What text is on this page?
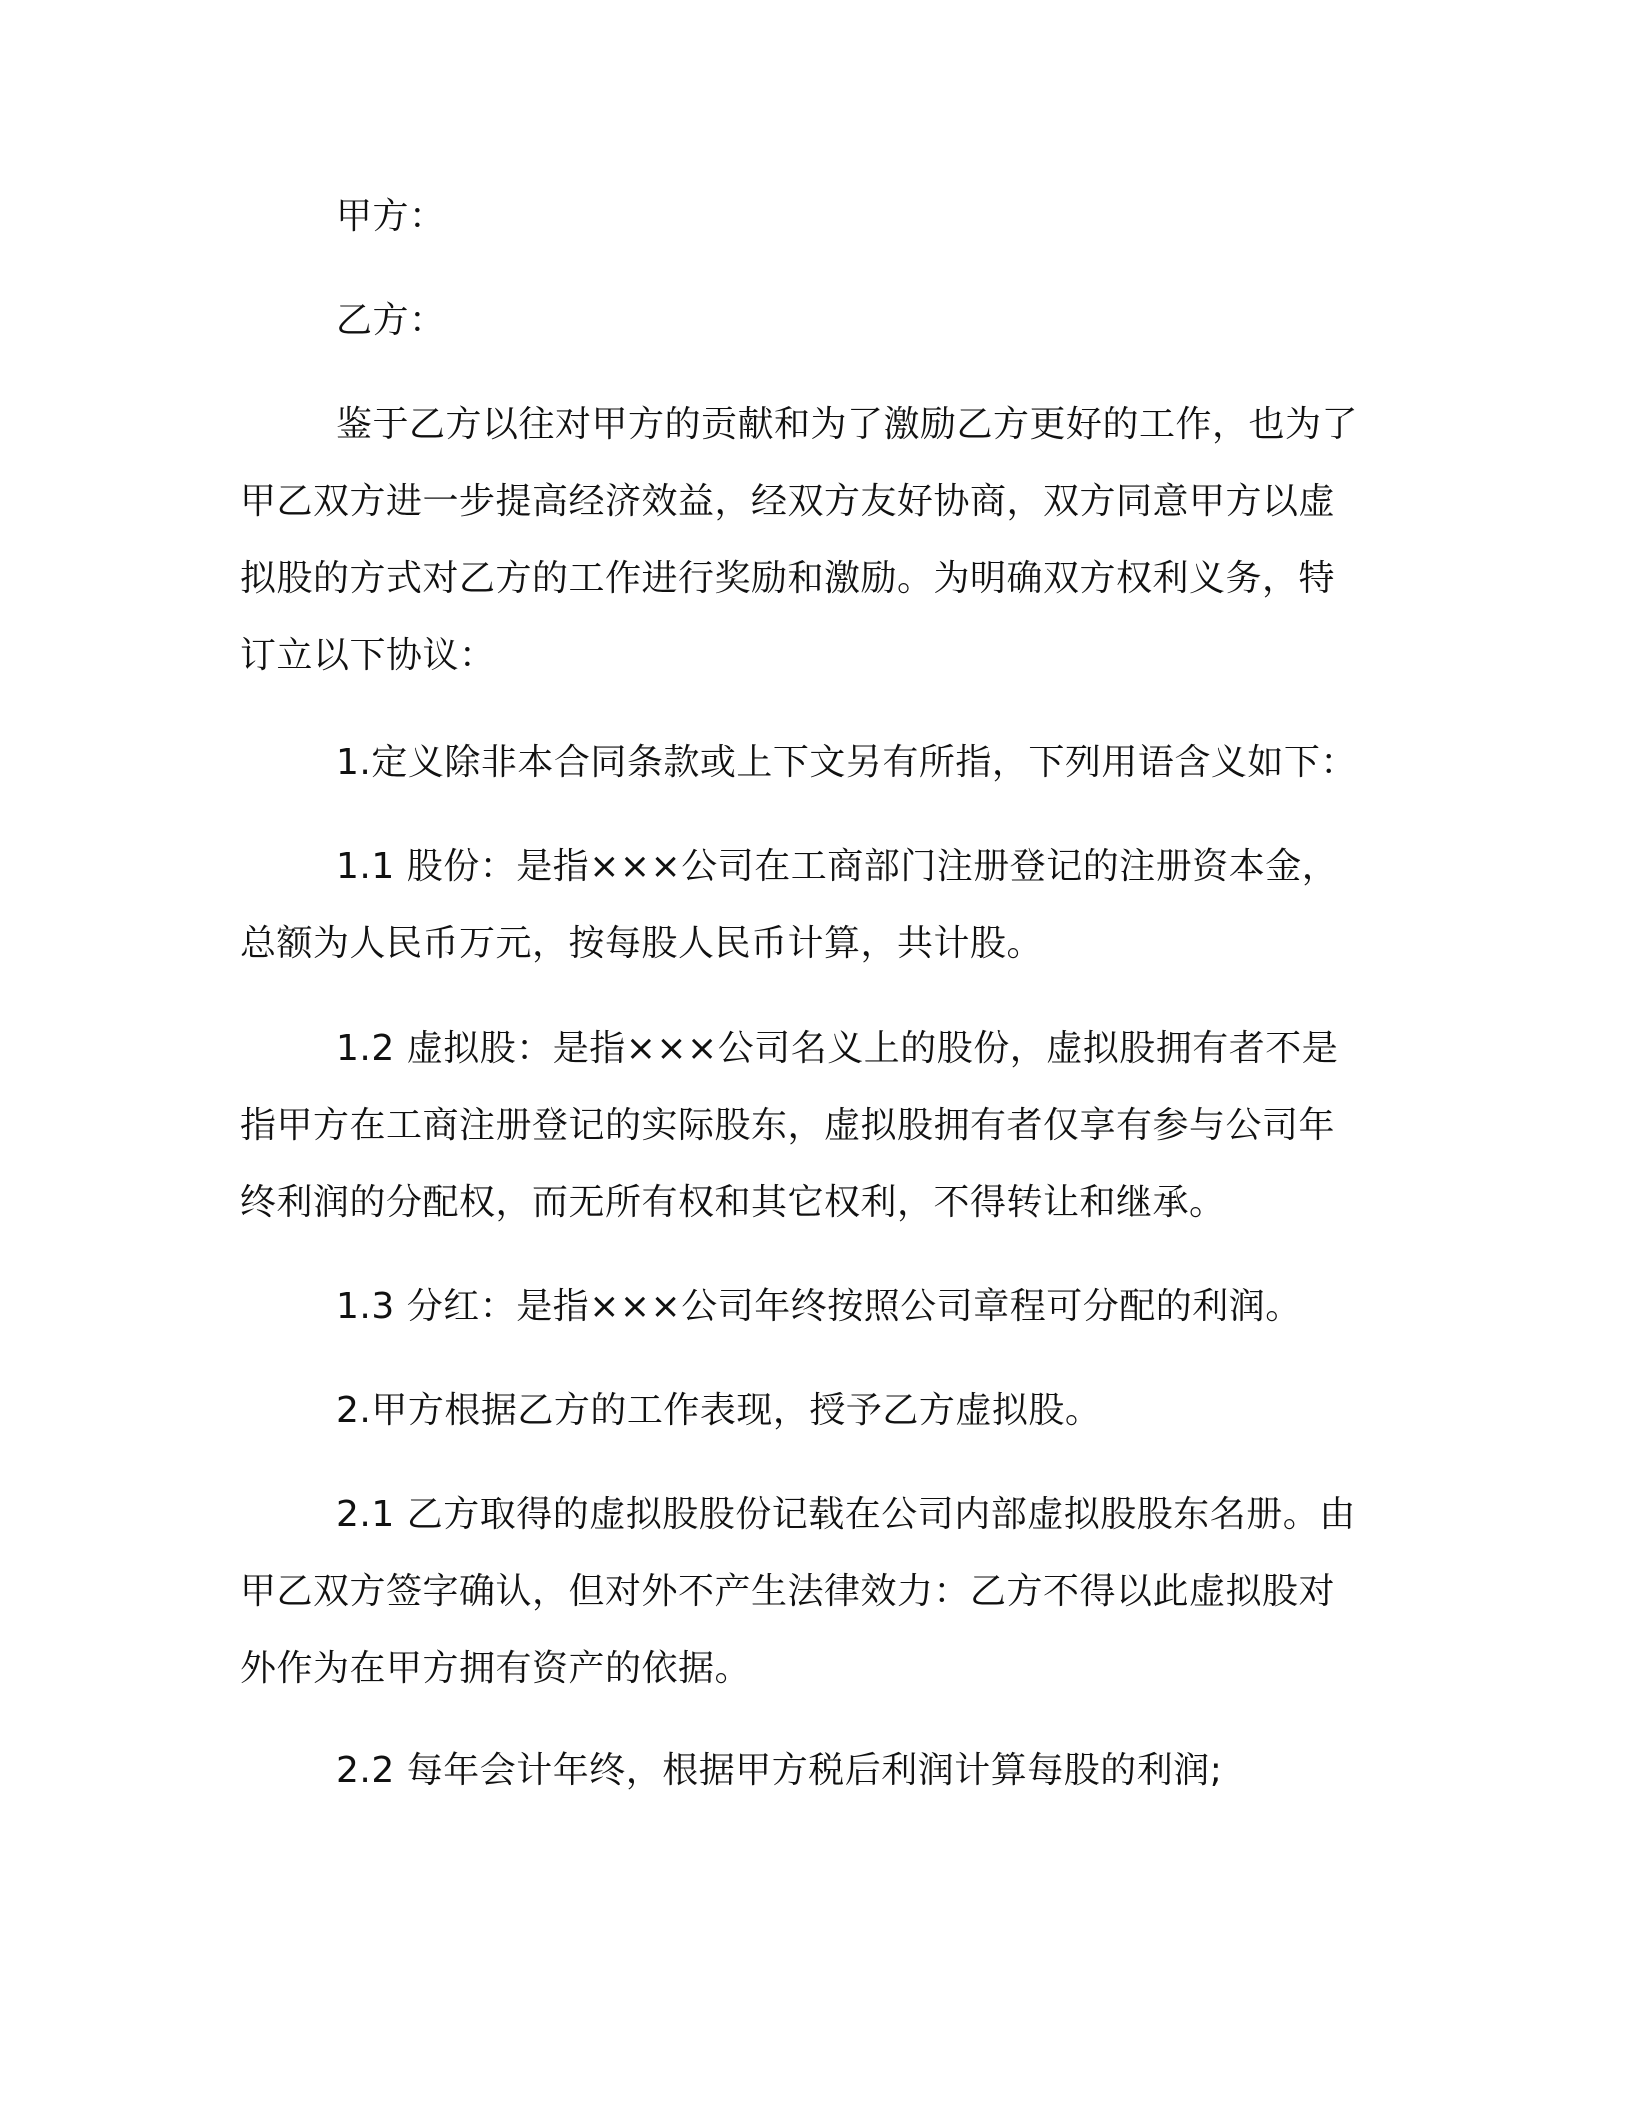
甲方：

乙方：

鉴于乙方以往对甲方的贡献和为了激励乙方更好的工作，也为了
甲乙双方进一步提高经济效益，经双方友好协商，双方同意甲方以虚
拟股的方式对乙方的工作进行奖励和激励。为明确双方权利义务，特
订立以下协议：

1.定义除非本合同条款或上下文另有所指，下列用语含义如下：

1.1 股份：是指×××公司在工商部门注册登记的注册资本金，
总额为人民币万元，按每股人民币计算，共计股。

1.2 虚拟股：是指×××公司名义上的股份，虚拟股拥有者不是
指甲方在工商注册登记的实际股东，虚拟股拥有者仅享有参与公司年
终利润的分配权，而无所有权和其它权利，不得转让和继承。

1.3 分红：是指×××公司年终按照公司章程可分配的利润。

2.甲方根据乙方的工作表现，授予乙方虚拟股。

2.1 乙方取得的虚拟股股份记载在公司内部虚拟股股东名册。由
甲乙双方签字确认，但对外不产生法律效力：乙方不得以此虚拟股对
外作为在甲方拥有资产的依据。

2.2 每年会计年终，根据甲方税后利润计算每股的利润;
